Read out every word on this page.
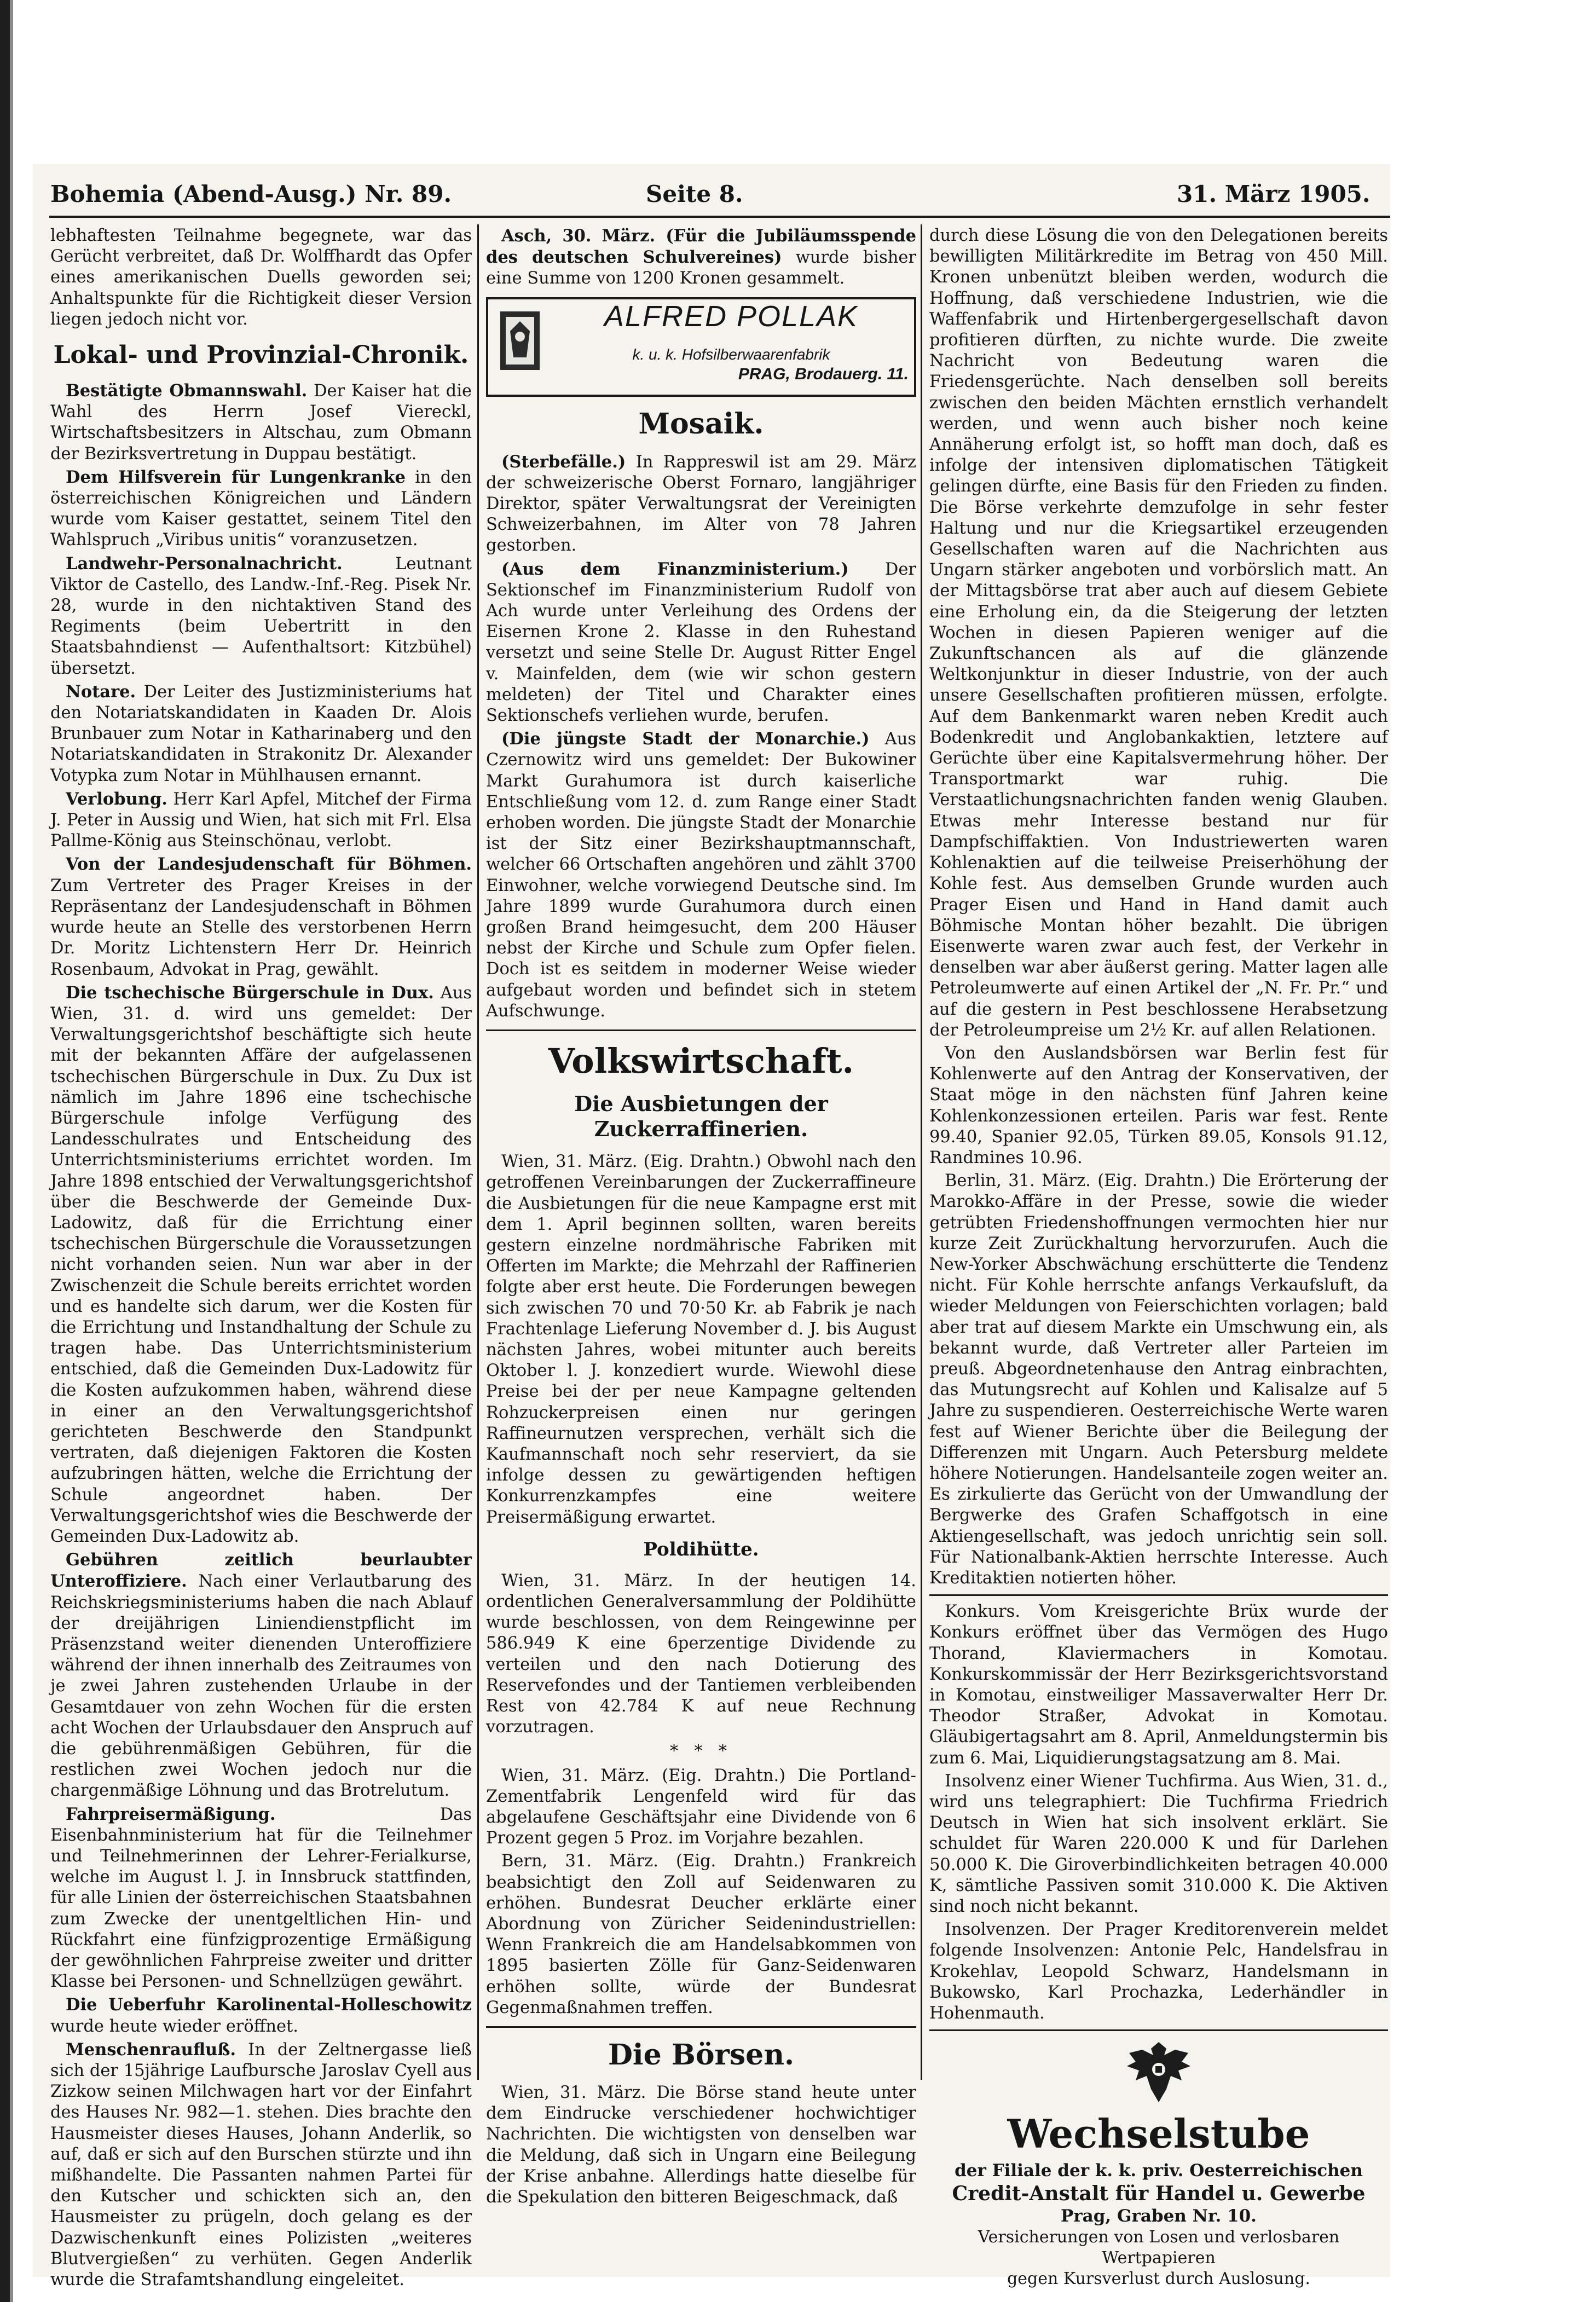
Bohemia (Abend-Ausg.) Nr. 89.	Seite 8.	31. März 1905.

lebhaftesten Teilnahme begegnete, war das Gerücht verbreitet, daß Dr. Wolffhardt das Opfer eines amerikanischen Duells geworden sei; Anhaltspunkte für die Richtigkeit dieser Version liegen jedoch nicht vor.

Lokal- und Provinzial-Chronik.

Bestätigte Obmannswahl. Der Kaiser hat die Wahl des Herrn Josef Viereckl, Wirtschaftsbesitzers in Altschau, zum Obmann der Bezirksvertretung in Duppau bestätigt.

Dem Hilfsverein für Lungenkranke in den österreichischen Königreichen und Ländern wurde vom Kaiser gestattet, seinem Titel den Wahlspruch „Viribus unitis“ voranzusetzen.

Landwehr-Personalnachricht.	Leutnant Viktor de Castello, des Landw.-Inf.-Reg. Pisek Nr. 28, wurde in den nichtaktiven Stand des Regiments (beim Uebertritt in den Staatsbahndienst — Aufenthaltsort: Kitzbühel) übersetzt.

Notare. Der Leiter des Justizministeriums hat den Notariatskandidaten in Kaaden Dr. Alois Brunbauer zum Notar in Katharinaberg und den Notariatskandidaten in Strakonitz Dr. Alexander Votypka zum Notar in Mühlhausen ernannt.

Verlobung. Herr Karl Apfel, Mitchef der Firma J. Peter in Aussig und Wien, hat sich mit Frl. Elsa Pallme-König aus Steinschönau, verlobt.

Von der Landesjudenschaft für Böhmen. Zum Vertreter des Prager Kreises in der Repräsentanz der Landesjudenschaft in Böhmen wurde heute an Stelle des verstorbenen Herrn Dr. Moritz Lichtenstern Herr Dr. Heinrich Rosenbaum, Advokat in Prag, gewählt.

Die tschechische Bürgerschule in Dux. Aus Wien, 31. d. wird uns gemeldet: Der Verwaltungsgerichtshof beschäftigte sich heute mit der bekannten Affäre der aufgelassenen tschechischen Bürgerschule in Dux. Zu Dux ist nämlich im Jahre 1896 eine tschechische Bürgerschule infolge Verfügung des Landesschulrates und Entscheidung des Unterrichtsministeriums errichtet worden. Im Jahre 1898 entschied der Verwaltungsgerichtshof über die Beschwerde der Gemeinde Dux-Ladowitz, daß für die Errichtung einer tschechischen Bürgerschule die Voraussetzungen nicht vorhanden seien. Nun war aber in der Zwischenzeit die Schule bereits errichtet worden und es handelte sich darum, wer die Kosten für die Errichtung und Instandhaltung der Schule zu tragen habe. Das Unterrichtsministerium entschied, daß die Gemeinden Dux-Ladowitz für die Kosten aufzukommen haben, während diese in einer an den Verwaltungsgerichtshof gerichteten Beschwerde den Standpunkt vertraten, daß diejenigen Faktoren die Kosten aufzubringen hätten, welche die Errichtung der Schule angeordnet haben. Der Verwaltungsgerichtshof wies die Beschwerde der Gemeinden Dux-Ladowitz ab.

Gebühren zeitlich beurlaubter Unteroffiziere. Nach einer Verlautbarung des Reichskriegsministeriums haben die nach Ablauf der dreijährigen Liniendienstpflicht im Präsenzstand weiter dienenden Unteroffiziere während der ihnen innerhalb des Zeitraumes von je zwei Jahren zustehenden Urlaube in der Gesamtdauer von zehn Wochen für die ersten acht Wochen der Urlaubsdauer den Anspruch auf die gebührenmäßigen Gebühren, für die restlichen zwei Wochen jedoch nur die chargenmäßige Löhnung und das Brotrelutum.

Fahrpreisermäßigung.	Das Eisenbahnministerium hat für die Teilnehmer und Teilnehmerinnen der Lehrer-Ferialkurse, welche im August l. J. in Innsbruck stattfinden, für alle Linien der österreichischen Staatsbahnen zum Zwecke der unentgeltlichen Hin- und Rückfahrt eine fünfzigprozentige Ermäßigung der gewöhnlichen Fahrpreise zweiter und dritter Klasse bei Personen- und Schnellzügen gewährt.

Die Ueberfuhr Karolinental-Holleschowitz wurde heute wieder eröffnet.

Menschenraufluß. In der Zeltnergasse ließ sich der 15jährige Laufbursche Jaroslav Cyell aus Zizkow seinen Milchwagen hart vor der Einfahrt des Hauses Nr. 982—1. stehen. Dies brachte den Hausmeister dieses Hauses, Johann Anderlik, so auf, daß er sich auf den Burschen stürzte und ihn mißhandelte. Die Passanten nahmen Partei für den Kutscher und schickten sich an, den Hausmeister zu prügeln, doch gelang es der Dazwischenkunft eines Polizisten „weiteres Blutvergießen“ zu verhüten. Gegen Anderlik wurde die Strafamtshandlung eingeleitet.

Asch, 30. März. (Für die Jubiläumsspende des deutschen Schulvereines) wurde bisher eine Summe von 1200 Kronen gesammelt.

ALFRED POLLAK
k. u. k. Hofsilberwaarenfabrik
PRAG, Brodauerg. 11.
Mosaik.

(Sterbefälle.) In Rappreswil ist am 29. März der schweizerische Oberst Fornaro, langjähriger Direktor, später Verwaltungsrat der Vereinigten Schweizerbahnen, im Alter von 78 Jahren gestorben.

(Aus dem Finanzministerium.) Der Sektionschef im Finanzministerium Rudolf von Ach wurde unter Verleihung des Ordens der Eisernen Krone 2. Klasse in den Ruhestand versetzt und seine Stelle Dr. August Ritter Engel v. Mainfelden, dem (wie wir schon gestern meldeten) der Titel und Charakter eines Sektionschefs verliehen wurde, berufen.

(Die jüngste Stadt der Monarchie.) Aus Czernowitz wird uns gemeldet: Der Bukowiner Markt Gurahumora ist durch kaiserliche Entschließung vom 12. d. zum Range einer Stadt erhoben worden. Die jüngste Stadt der Monarchie ist der Sitz einer Bezirkshauptmannschaft, welcher 66 Ortschaften angehören und zählt 3700 Einwohner, welche vorwiegend Deutsche sind. Im Jahre 1899 wurde Gurahumora durch einen großen Brand heimgesucht, dem 200 Häuser nebst der Kirche und Schule zum Opfer fielen. Doch ist es seitdem in moderner Weise wieder aufgebaut worden und befindet sich in stetem Aufschwunge.

Volkswirtschaft.
Die Ausbietungen der Zuckerraffinerien.

Wien, 31. März. (Eig. Drahtn.) Obwohl nach den getroffenen Vereinbarungen der Zuckerraffineure die Ausbietungen für die neue Kampagne erst mit dem 1. April beginnen sollten, waren bereits gestern einzelne nordmährische Fabriken mit Offerten im Markte; die Mehrzahl der Raffinerien folgte aber erst heute. Die Forderungen bewegen sich zwischen 70 und 70·50 Kr. ab Fabrik je nach Frachtenlage Lieferung November d. J. bis August nächsten Jahres, wobei mitunter auch bereits Oktober l. J. konzediert wurde. Wiewohl diese Preise bei der per neue Kampagne geltenden Rohzuckerpreisen einen nur geringen Raffineurnutzen versprechen, verhält sich die Kaufmannschaft noch sehr reserviert, da sie infolge dessen zu gewärtigenden heftigen Konkurrenzkampfes eine weitere Preisermäßigung erwartet.

Poldihütte.

Wien, 31. März. In der heutigen 14. ordentlichen Generalversammlung der Poldihütte wurde beschlossen, von dem Reingewinne per 586.949 K eine 6perzentige Dividende zu verteilen und den nach Dotierung des Reservefondes und der Tantiemen verbleibenden Rest von 42.784 K auf neue Rechnung vorzutragen.

* * *

Wien, 31. März. (Eig. Drahtn.) Die Portland-Zementfabrik Lengenfeld wird für das abgelaufene Geschäftsjahr eine Dividende von 6 Prozent gegen 5 Proz. im Vorjahre bezahlen.

Bern, 31. März. (Eig. Drahtn.) Frankreich beabsichtigt den Zoll auf Seidenwaren zu erhöhen. Bundesrat Deucher erklärte einer Abordnung von Züricher Seidenindustriellen: Wenn Frankreich die am Handelsabkommen von 1895 basierten Zölle für Ganz-Seidenwaren erhöhen sollte, würde der Bundesrat Gegenmaßnahmen treffen.

Die Börsen.

Wien, 31. März. Die Börse stand heute unter dem Eindrucke verschiedener hochwichtiger Nachrichten. Die wichtigsten von denselben war die Meldung, daß sich in Ungarn eine Beilegung der Krise anbahne. Allerdings hatte dieselbe für die Spekulation den bitteren Beigeschmack, daß

durch diese Lösung die von den Delegationen bereits bewilligten Militärkredite im Betrag von 450 Mill. Kronen unbenützt bleiben werden, wodurch die Hoffnung, daß verschiedene Industrien, wie die Waffenfabrik und Hirtenbergergesellschaft davon profitieren dürften, zu nichte wurde. Die zweite Nachricht von Bedeutung waren die Friedensgerüchte. Nach denselben soll bereits zwischen den beiden Mächten ernstlich verhandelt werden, und wenn auch bisher noch keine Annäherung erfolgt ist, so hofft man doch, daß es infolge der intensiven diplomatischen Tätigkeit gelingen dürfte, eine Basis für den Frieden zu finden. Die Börse verkehrte demzufolge in sehr fester Haltung und nur die Kriegsartikel erzeugenden Gesellschaften waren auf die Nachrichten aus Ungarn stärker angeboten und vorbörslich matt. An der Mittagsbörse trat aber auch auf diesem Gebiete eine Erholung ein, da die Steigerung der letzten Wochen in diesen Papieren weniger auf die Zukunftschancen als auf die glänzende Weltkonjunktur in dieser Industrie, von der auch unsere Gesellschaften profitieren müssen, erfolgte. Auf dem Bankenmarkt waren neben Kredit auch Bodenkredit und Anglobankaktien, letztere auf Gerüchte über eine Kapitalsvermehrung höher. Der Transportmarkt war ruhig. Die Verstaatlichungsnachrichten fanden wenig Glauben. Etwas mehr Interesse bestand nur für Dampfschiffaktien. Von Industriewerten waren Kohlenaktien auf die teilweise Preiserhöhung der Kohle fest. Aus demselben Grunde wurden auch Prager Eisen und Hand in Hand damit auch Böhmische Montan höher bezahlt. Die übrigen Eisenwerte waren zwar auch fest, der Verkehr in denselben war aber äußerst gering. Matter lagen alle Petroleumwerte auf einen Artikel der „N. Fr. Pr.“ und auf die gestern in Pest beschlossene Herabsetzung der Petroleumpreise um 2½ Kr. auf allen Relationen.

Von den Auslandsbörsen war Berlin fest für Kohlenwerte auf den Antrag der Konservativen, der Staat möge in den nächsten fünf Jahren keine Kohlenkonzessionen erteilen. Paris war fest. Rente 99.40, Spanier 92.05, Türken 89.05, Konsols 91.12, Randmines 10.96.

Berlin, 31. März. (Eig. Drahtn.) Die Erörterung der Marokko-Affäre in der Presse, sowie die wieder getrübten Friedenshoffnungen vermochten hier nur kurze Zeit Zurückhaltung hervorzurufen. Auch die New-Yorker Abschwächung erschütterte die Tendenz nicht. Für Kohle herrschte anfangs Verkaufsluft, da wieder Meldungen von Feierschichten vorlagen; bald aber trat auf diesem Markte ein Umschwung ein, als bekannt wurde, daß Vertreter aller Parteien im preuß. Abgeordnetenhause den Antrag einbrachten, das Mutungsrecht auf Kohlen und Kalisalze auf 5 Jahre zu suspendieren. Oesterreichische Werte waren fest auf Wiener Berichte über die Beilegung der Differenzen mit Ungarn. Auch Petersburg meldete höhere Notierungen. Handelsanteile zogen weiter an. Es zirkulierte das Gerücht von der Umwandlung der Bergwerke des Grafen Schaffgotsch in eine Aktiengesellschaft, was jedoch unrichtig sein soll. Für Nationalbank-Aktien herrschte Interesse. Auch Kreditaktien notierten höher.

Konkurs. Vom Kreisgerichte Brüx wurde der Konkurs eröffnet über das Vermögen des Hugo Thorand, Klaviermachers in Komotau. Konkurskommissär der Herr Bezirksgerichtsvorstand in Komotau, einstweiliger Massaverwalter Herr Dr. Theodor Straßer, Advokat in Komotau. Gläubigertagsahrt am 8. April, Anmeldungstermin bis zum 6. Mai, Liquidierungstagsatzung am 8. Mai.

Insolvenz einer Wiener Tuchfirma. Aus Wien, 31. d., wird uns telegraphiert: Die Tuchfirma Friedrich Deutsch in Wien hat sich insolvent erklärt. Sie schuldet für Waren 220.000 K und für Darlehen 50.000 K. Die Giroverbindlichkeiten betragen 40.000 K, sämtliche Passiven somit 310.000 K. Die Aktiven sind noch nicht bekannt.

Insolvenzen. Der Prager Kreditorenverein meldet folgende Insolvenzen: Antonie Pelc, Handelsfrau in Krokehlav, Leopold Schwarz, Handelsmann in Bukowsko, Karl Prochazka, Lederhändler in Hohenmauth.

Wechselstube
der Filiale der k. k. priv. Oesterreichischen
Credit-Anstalt für Handel u. Gewerbe
Prag, Graben Nr. 10.
Versicherungen von Losen und verlosbaren Wertpapieren
gegen Kursverlust durch Auslosung.
